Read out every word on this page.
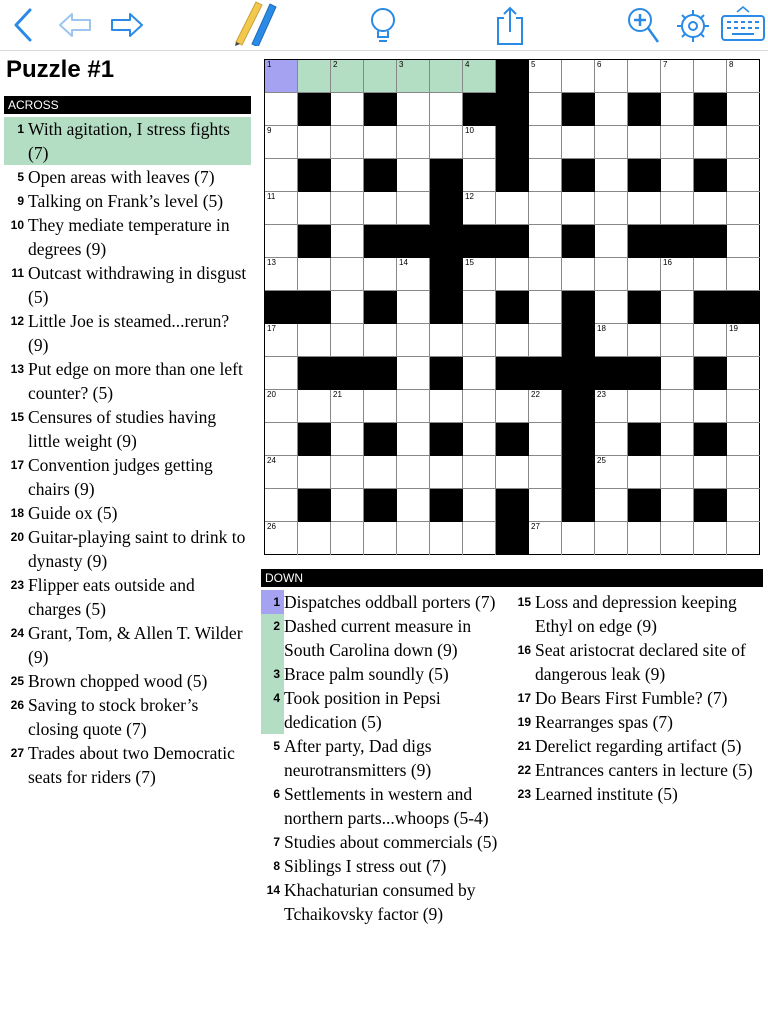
Puzzle #1
ACROSS
1 With agitation, I stress fights (7)
5 Open areas with leaves (7)
9 Talking on Frank’s level (5)
10 They mediate temperature in degrees (9)
11 Outcast withdrawing in disgust (5)
12 Little Joe is steamed...rerun? (9)
13 Put edge on more than one left counter? (5)
15 Censures of studies having little weight (9)
17 Convention judges getting chairs (9)
18 Guide ox (5)
20 Guitar-playing saint to drink to dynasty (9)
23 Flipper eats outside and charges (5)
24 Grant, Tom, & Allen T. Wilder (9)
25 Brown chopped wood (5)
26 Saving to stock broker’s closing quote (7)
27 Trades about two Democratic seats for riders (7)
1	2	3	4	5	6	7	8
9	10
11	12
13	14	15	16
17	18	19
20	21	22	23
24	25
26	27
DOWN
1 Dispatches oddball porters (7)
2 Dashed current measure in South Carolina down (9)
3 Brace palm soundly (5)
4 Took position in Pepsi dedication (5)
5 After party, Dad digs neurotransmitters (9)
6 Settlements in western and northern parts...whoops (5-4)
7 Studies about commercials (5)
8 Siblings I stress out (7)
14 Khachaturian consumed by Tchaikovsky factor (9)
15 Loss and depression keeping Ethyl on edge (9)
16 Seat aristocrat declared site of dangerous leak (9)
17 Do Bears First Fumble? (7)
19 Rearranges spas (7)
21 Derelict regarding artifact (5)
22 Entrances canters in lecture (5)
23 Learned institute (5)
